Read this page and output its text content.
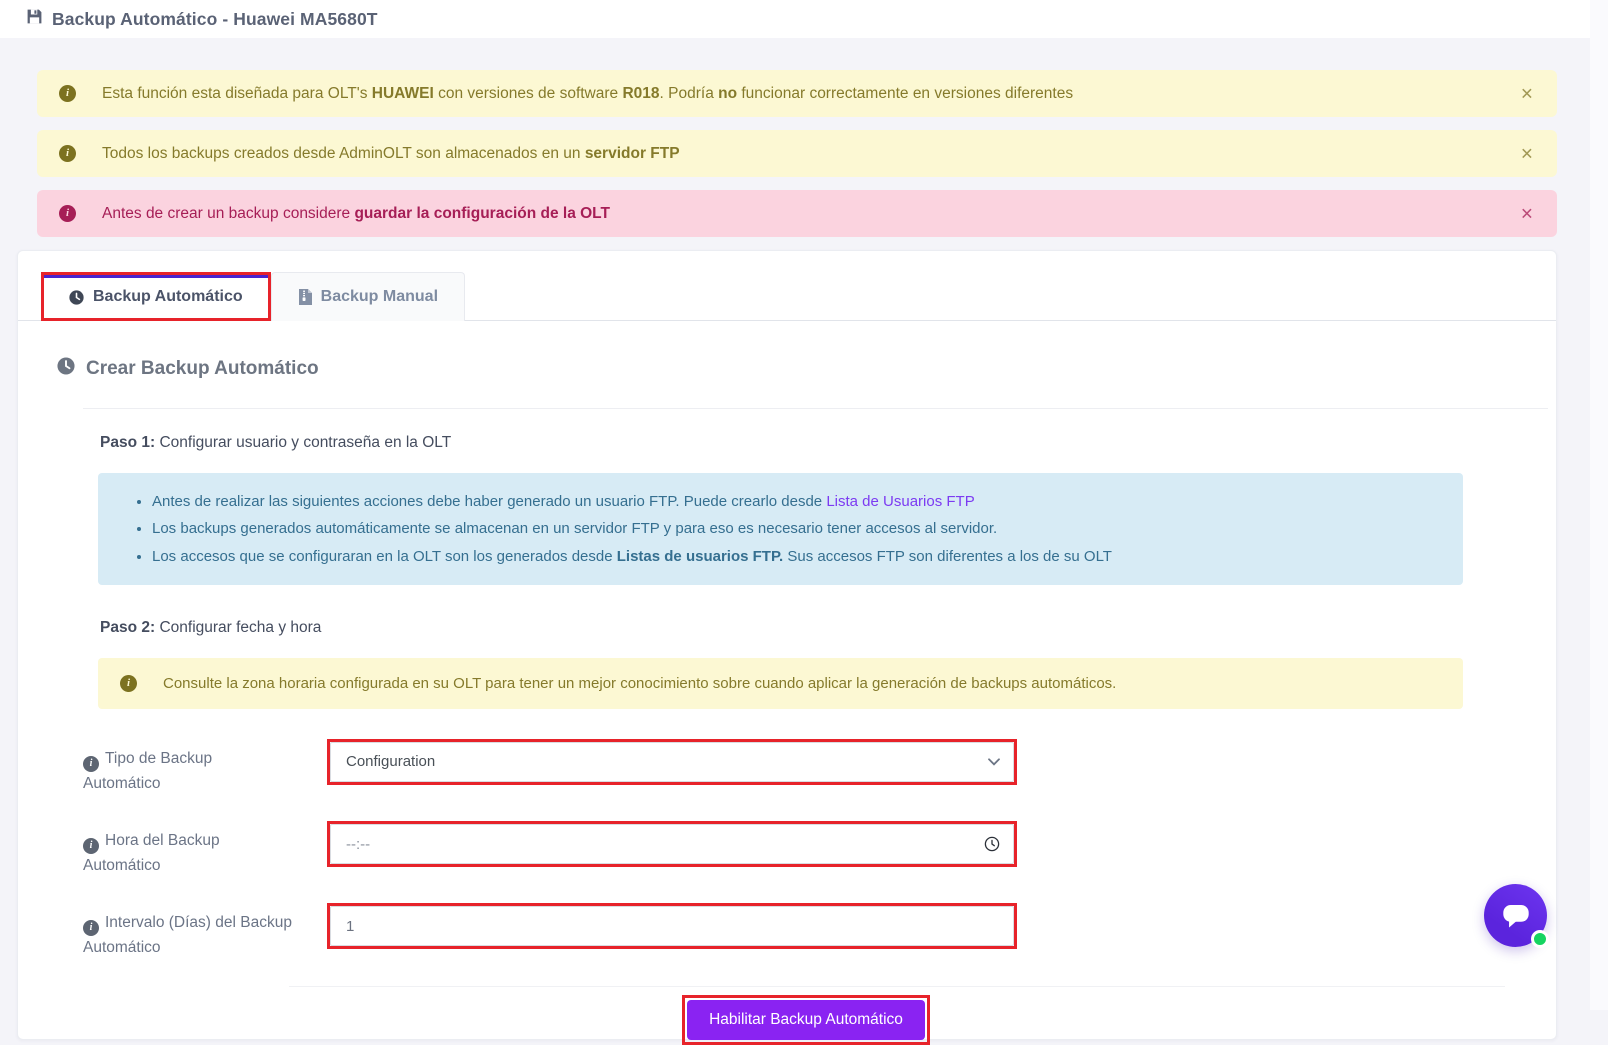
Backup Automático - Huawei MA5680T
i	Esta función esta diseñada para OLT's HUAWEI con versiones de software R018. Podría no funcionar correctamente en versiones diferentes	×
i	Todos los backups creados desde AdminOLT son almacenados en un servidor FTP	×
i	Antes de crear un backup considere guardar la configuración de la OLT	×
Backup Automático	Backup Manual
Crear Backup Automático
Paso 1: Configurar usuario y contraseña en la OLT
• Antes de realizar las siguientes acciones debe haber generado un usuario FTP. Puede crearlo desde Lista de Usuarios FTP
• Los backups generados automáticamente se almacenan en un servidor FTP y para eso es necesario tener accesos al servidor.
• Los accesos que se configuraran en la OLT son los generados desde Listas de usuarios FTP. Sus accesos FTP son diferentes a los de su OLT
Paso 2: Configurar fecha y hora
i	Consulte la zona horaria configurada en su OLT para tener un mejor conocimiento sobre cuando aplicar la generación de backups automáticos.
i Tipo de Backup Automático
Configuration
i Hora del Backup Automático
--:--
i Intervalo (Días) del Backup Automático
1
Habilitar Backup Automático
